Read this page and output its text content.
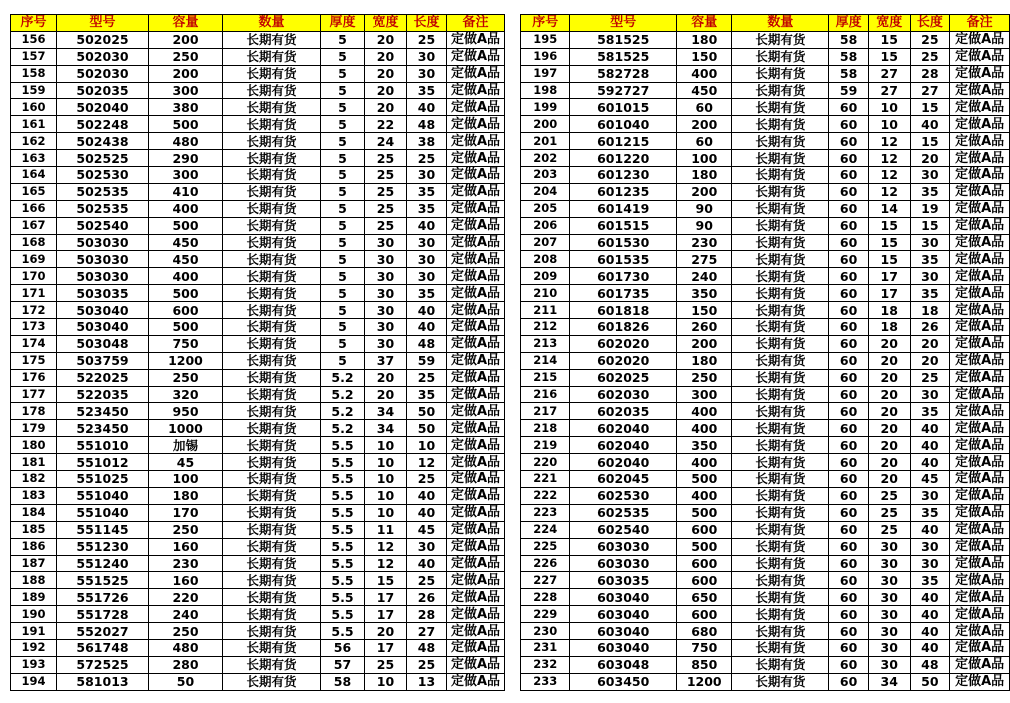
序号	型号	容量	数量	厚度	宽度	长度	备注
156	502025	200	长期有货	5	20	25	定做A品
157	502030	250	长期有货	5	20	30	定做A品
158	502030	200	长期有货	5	20	30	定做A品
159	502035	300	长期有货	5	20	35	定做A品
160	502040	380	长期有货	5	20	40	定做A品
161	502248	500	长期有货	5	22	48	定做A品
162	502438	480	长期有货	5	24	38	定做A品
163	502525	290	长期有货	5	25	25	定做A品
164	502530	300	长期有货	5	25	30	定做A品
165	502535	410	长期有货	5	25	35	定做A品
166	502535	400	长期有货	5	25	35	定做A品
167	502540	500	长期有货	5	25	40	定做A品
168	503030	450	长期有货	5	30	30	定做A品
169	503030	450	长期有货	5	30	30	定做A品
170	503030	400	长期有货	5	30	30	定做A品
171	503035	500	长期有货	5	30	35	定做A品
172	503040	600	长期有货	5	30	40	定做A品
173	503040	500	长期有货	5	30	40	定做A品
174	503048	750	长期有货	5	30	48	定做A品
175	503759	1200	长期有货	5	37	59	定做A品
176	522025	250	长期有货	5.2	20	25	定做A品
177	522035	320	长期有货	5.2	20	35	定做A品
178	523450	950	长期有货	5.2	34	50	定做A品
179	523450	1000	长期有货	5.2	34	50	定做A品
180	551010	加锡	长期有货	5.5	10	10	定做A品
181	551012	45	长期有货	5.5	10	12	定做A品
182	551025	100	长期有货	5.5	10	25	定做A品
183	551040	180	长期有货	5.5	10	40	定做A品
184	551040	170	长期有货	5.5	10	40	定做A品
185	551145	250	长期有货	5.5	11	45	定做A品
186	551230	160	长期有货	5.5	12	30	定做A品
187	551240	230	长期有货	5.5	12	40	定做A品
188	551525	160	长期有货	5.5	15	25	定做A品
189	551726	220	长期有货	5.5	17	26	定做A品
190	551728	240	长期有货	5.5	17	28	定做A品
191	552027	250	长期有货	5.5	20	27	定做A品
192	561748	480	长期有货	56	17	48	定做A品
193	572525	280	长期有货	57	25	25	定做A品
194	581013	50	长期有货	58	10	13	定做A品
序号	型号	容量	数量	厚度	宽度	长度	备注
195	581525	180	长期有货	58	15	25	定做A品
196	581525	150	长期有货	58	15	25	定做A品
197	582728	400	长期有货	58	27	28	定做A品
198	592727	450	长期有货	59	27	27	定做A品
199	601015	60	长期有货	60	10	15	定做A品
200	601040	200	长期有货	60	10	40	定做A品
201	601215	60	长期有货	60	12	15	定做A品
202	601220	100	长期有货	60	12	20	定做A品
203	601230	180	长期有货	60	12	30	定做A品
204	601235	200	长期有货	60	12	35	定做A品
205	601419	90	长期有货	60	14	19	定做A品
206	601515	90	长期有货	60	15	15	定做A品
207	601530	230	长期有货	60	15	30	定做A品
208	601535	275	长期有货	60	15	35	定做A品
209	601730	240	长期有货	60	17	30	定做A品
210	601735	350	长期有货	60	17	35	定做A品
211	601818	150	长期有货	60	18	18	定做A品
212	601826	260	长期有货	60	18	26	定做A品
213	602020	200	长期有货	60	20	20	定做A品
214	602020	180	长期有货	60	20	20	定做A品
215	602025	250	长期有货	60	20	25	定做A品
216	602030	300	长期有货	60	20	30	定做A品
217	602035	400	长期有货	60	20	35	定做A品
218	602040	400	长期有货	60	20	40	定做A品
219	602040	350	长期有货	60	20	40	定做A品
220	602040	400	长期有货	60	20	40	定做A品
221	602045	500	长期有货	60	20	45	定做A品
222	602530	400	长期有货	60	25	30	定做A品
223	602535	500	长期有货	60	25	35	定做A品
224	602540	600	长期有货	60	25	40	定做A品
225	603030	500	长期有货	60	30	30	定做A品
226	603030	600	长期有货	60	30	30	定做A品
227	603035	600	长期有货	60	30	35	定做A品
228	603040	650	长期有货	60	30	40	定做A品
229	603040	600	长期有货	60	30	40	定做A品
230	603040	680	长期有货	60	30	40	定做A品
231	603040	750	长期有货	60	30	40	定做A品
232	603048	850	长期有货	60	30	48	定做A品
233	603450	1200	长期有货	60	34	50	定做A品
